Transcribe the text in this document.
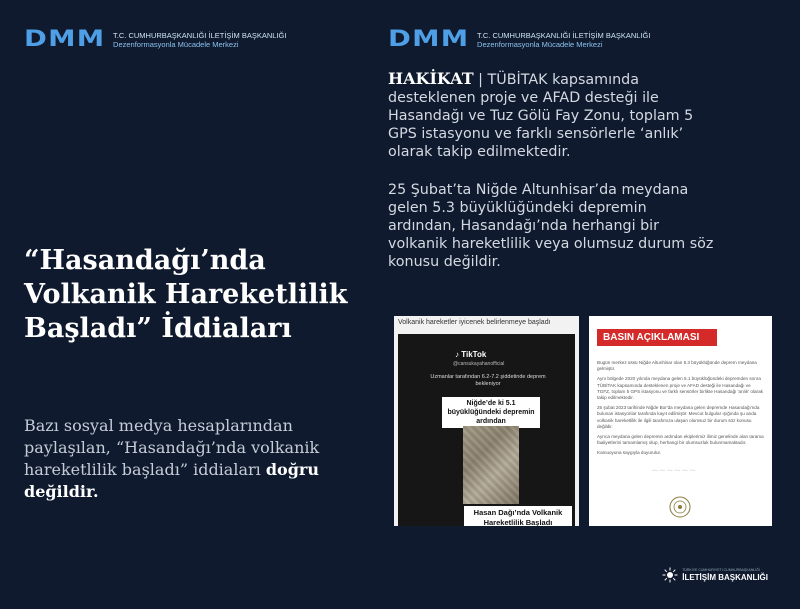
DMM T.C. CUMHURBAŞKANLIĞI İLETİŞİM BAŞKANLIĞI
Dezenformasyonla Mücadele Merkezi	DMM T.C. CUMHURBAŞKANLIĞI İLETİŞİM BAŞKANLIĞI
Dezenformasyonla Mücadele Merkezi
“Hasandağı’nda Volkanik Hareketlilik Başladı” İddiaları

Bazı sosyal medya hesaplarından paylaşılan, “Hasandağı’nda volkanik hareketlilik başladı” iddiaları doğru değildir.

HAKİKAT | TÜBİTAK kapsamında desteklenen proje ve AFAD desteği ile Hasandağı ve Tuz Gölü Fay Zonu, toplam 5 GPS istasyonu ve farklı sensörlerle ‘anlık’ olarak takip edilmektedir.

25 Şubat’ta Niğde Altunhisar’da meydana gelen 5.3 büyüklüğündeki depremin ardından, Hasandağı’nda herhangi bir volkanik hareketlilik veya olumsuz durum söz konusu değildir.

Volkanik hareketler iyicenek belirlenmeye başladı
♪ TikTok
@cansukayahanofficial
Uzmanlar tarafından 6.2-7.2 şiddetinde deprem bekleniyor
Niğde’de ki 5.1 büyüklüğündeki depremin ardından
Hasan Dağı’nda Volkanik Hareketlilik Başladı
BASIN AÇIKLAMASI

Bugün merkez üssü Niğde Altunhisar olan 5.3 büyüklüğünde deprem meydana gelmiştir.

Aynı bölgede 2020 yılında meydana gelen 5.1 büyüklüğündeki depremden sonra TÜBİTAK kapsamında desteklenen proje ve AFAD desteği ile Hasandağı ve TGFZ, toplam 5 GPS istasyonu ve farklı sensörler birlikte Hasandağı 'anlık' olarak takip edilmektedir.

25 şubat 2023 tarihinde Niğde Bor'da meydana gelen depremde Hasandağı'nda bulunan istasyonlar tarafında kayıt edilmiştir. Mevcut bulgular ışığında şu anda volkanik hareketlilik ile ilgili tarafımıza ulaşan olumsuz bir durum söz konusu değildir.

Ayrıca meydana gelen depremin ardından ekiplerimiz ilimiz genelinde alan tarama faaliyetlerini tamamlamış olup, herhangi bir olumsuzluk bulunmamaktadır.

Kamuoyuna saygıyla duyurulur.

~~~~~~
TÜRKİYE CUMHURİYETİ CUMHURBAŞKANLIĞI
İLETİŞİM BAŞKANLIĞI
